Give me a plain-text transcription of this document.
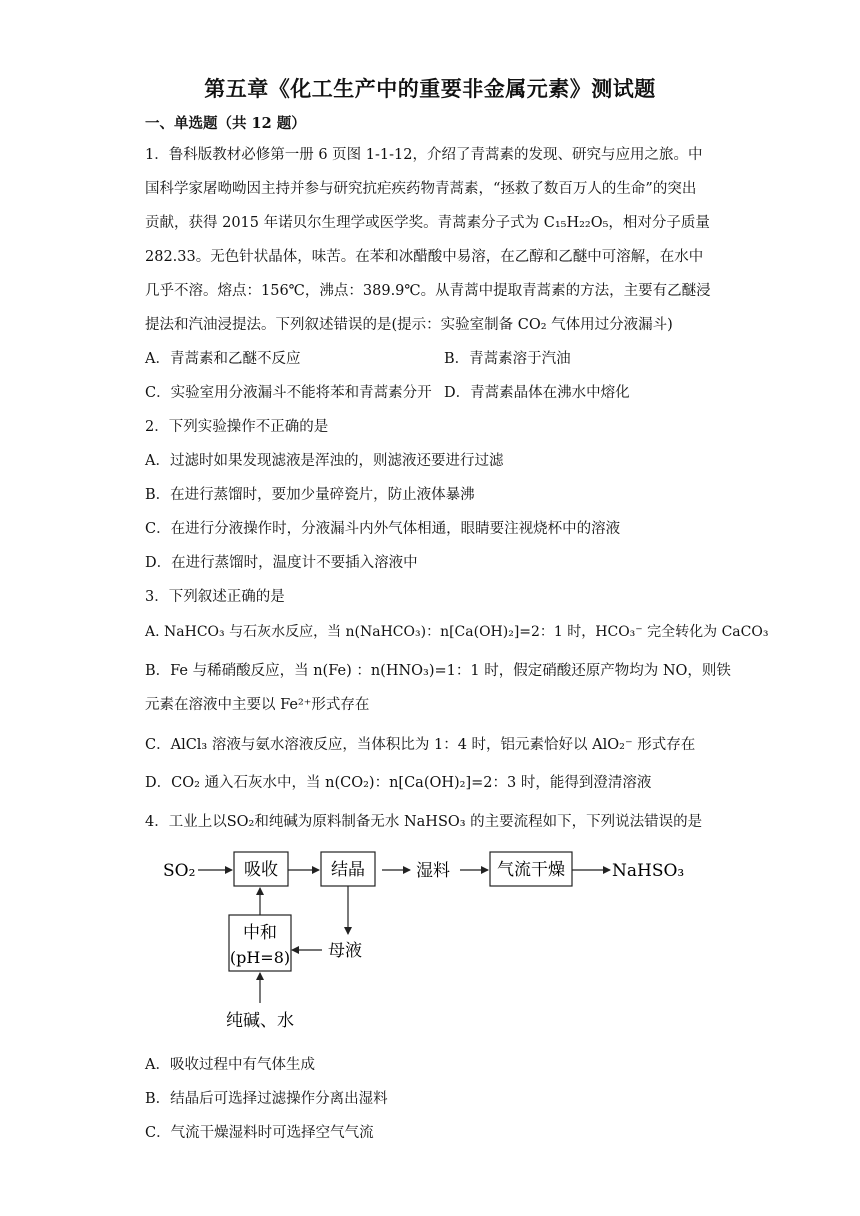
第五章《化工生产中的重要非金属元素》测试题
一、单选题（共 12 题）
1．鲁科版教材必修第一册 6 页图 1-1-12，介绍了青蒿素的发现、研究与应用之旅。中
国科学家屠呦呦因主持并参与研究抗疟疾药物青蒿素，“拯救了数百万人的生命”的突出
贡献，获得 2015 年诺贝尔生理学或医学奖。青蒿素分子式为 C₁₅H₂₂O₅，相对分子质量
282.33。无色针状晶体，味苦。在苯和冰醋酸中易溶，在乙醇和乙醚中可溶解，在水中
几乎不溶。熔点：156℃，沸点：389.9℃。从青蒿中提取青蒿素的方法，主要有乙醚浸
提法和汽油浸提法。下列叙述错误的是(提示：实验室制备 CO₂ 气体用过分液漏斗)
A．青蒿素和乙醚不反应	B．青蒿素溶于汽油
C．实验室用分液漏斗不能将苯和青蒿素分开 D．青蒿素晶体在沸水中熔化
2．下列实验操作不正确的是
A．过滤时如果发现滤液是浑浊的，则滤液还要进行过滤
B．在进行蒸馏时，要加少量碎瓷片，防止液体暴沸
C．在进行分液操作时，分液漏斗内外气体相通，眼睛要注视烧杯中的溶液
D．在进行蒸馏时，温度计不要插入溶液中
3．下列叙述正确的是
A. NaHCO₃ 与石灰水反应，当 n(NaHCO₃)：n[Ca(OH)₂]=2：1 时，HCO₃⁻ 完全转化为 CaCO₃
B．Fe 与稀硝酸反应，当 n(Fe) ：n(HNO₃)=1：1 时，假定硝酸还原产物均为 NO，则铁
元素在溶液中主要以 Fe²⁺形式存在
C．AlCl₃ 溶液与氨水溶液反应，当体积比为 1：4 时，铝元素恰好以 AlO₂⁻ 形式存在
D．CO₂ 通入石灰水中，当 n(CO₂)：n[Ca(OH)₂]=2：3 时，能得到澄清溶液
4．工业上以SO₂和纯碱为原料制备无水 NaHSO₃ 的主要流程如下，下列说法错误的是
SO₂	吸收	结晶	湿料	气流干燥	NaHSO₃
母液
中和
(pH=8)
纯碱、水
A．吸收过程中有气体生成
B．结晶后可选择过滤操作分离出湿料
C．气流干燥湿料时可选择空气气流
